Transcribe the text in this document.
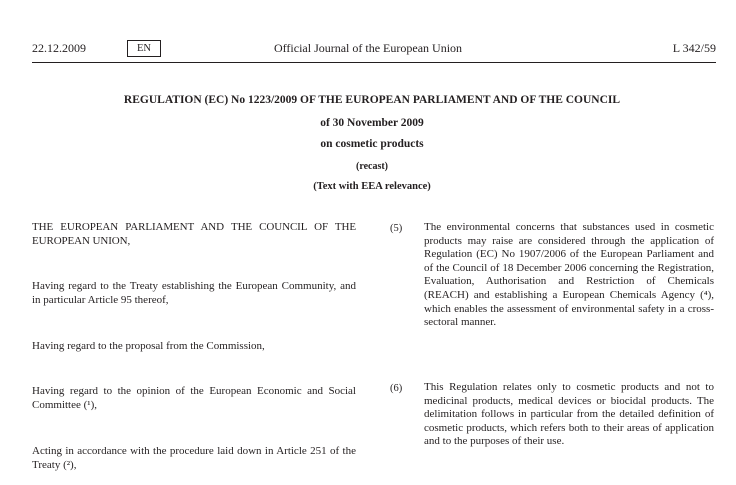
22.12.2009	EN	Official Journal of the European Union	L 342/59
REGULATION (EC) No 1223/2009 OF THE EUROPEAN PARLIAMENT AND OF THE COUNCIL
of 30 November 2009
on cosmetic products
(recast)
(Text with EEA relevance)
THE EUROPEAN PARLIAMENT AND THE COUNCIL OF THE EUROPEAN UNION,
Having regard to the Treaty establishing the European Community, and in particular Article 95 thereof,
Having regard to the proposal from the Commission,
Having regard to the opinion of the European Economic and Social Committee (¹),
Acting in accordance with the procedure laid down in Article 251 of the Treaty (²),
(5) The environmental concerns that substances used in cosmetic products may raise are considered through the application of Regulation (EC) No 1907/2006 of the European Parliament and of the Council of 18 December 2006 concerning the Registration, Evaluation, Authorisation and Restriction of Chemicals (REACH) and establishing a European Chemicals Agency (⁴), which enables the assessment of environmental safety in a cross-sectoral manner.
(6) This Regulation relates only to cosmetic products and not to medicinal products, medical devices or biocidal products. The delimitation follows in particular from the detailed definition of cosmetic products, which refers both to their areas of application and to the purposes of their use.
